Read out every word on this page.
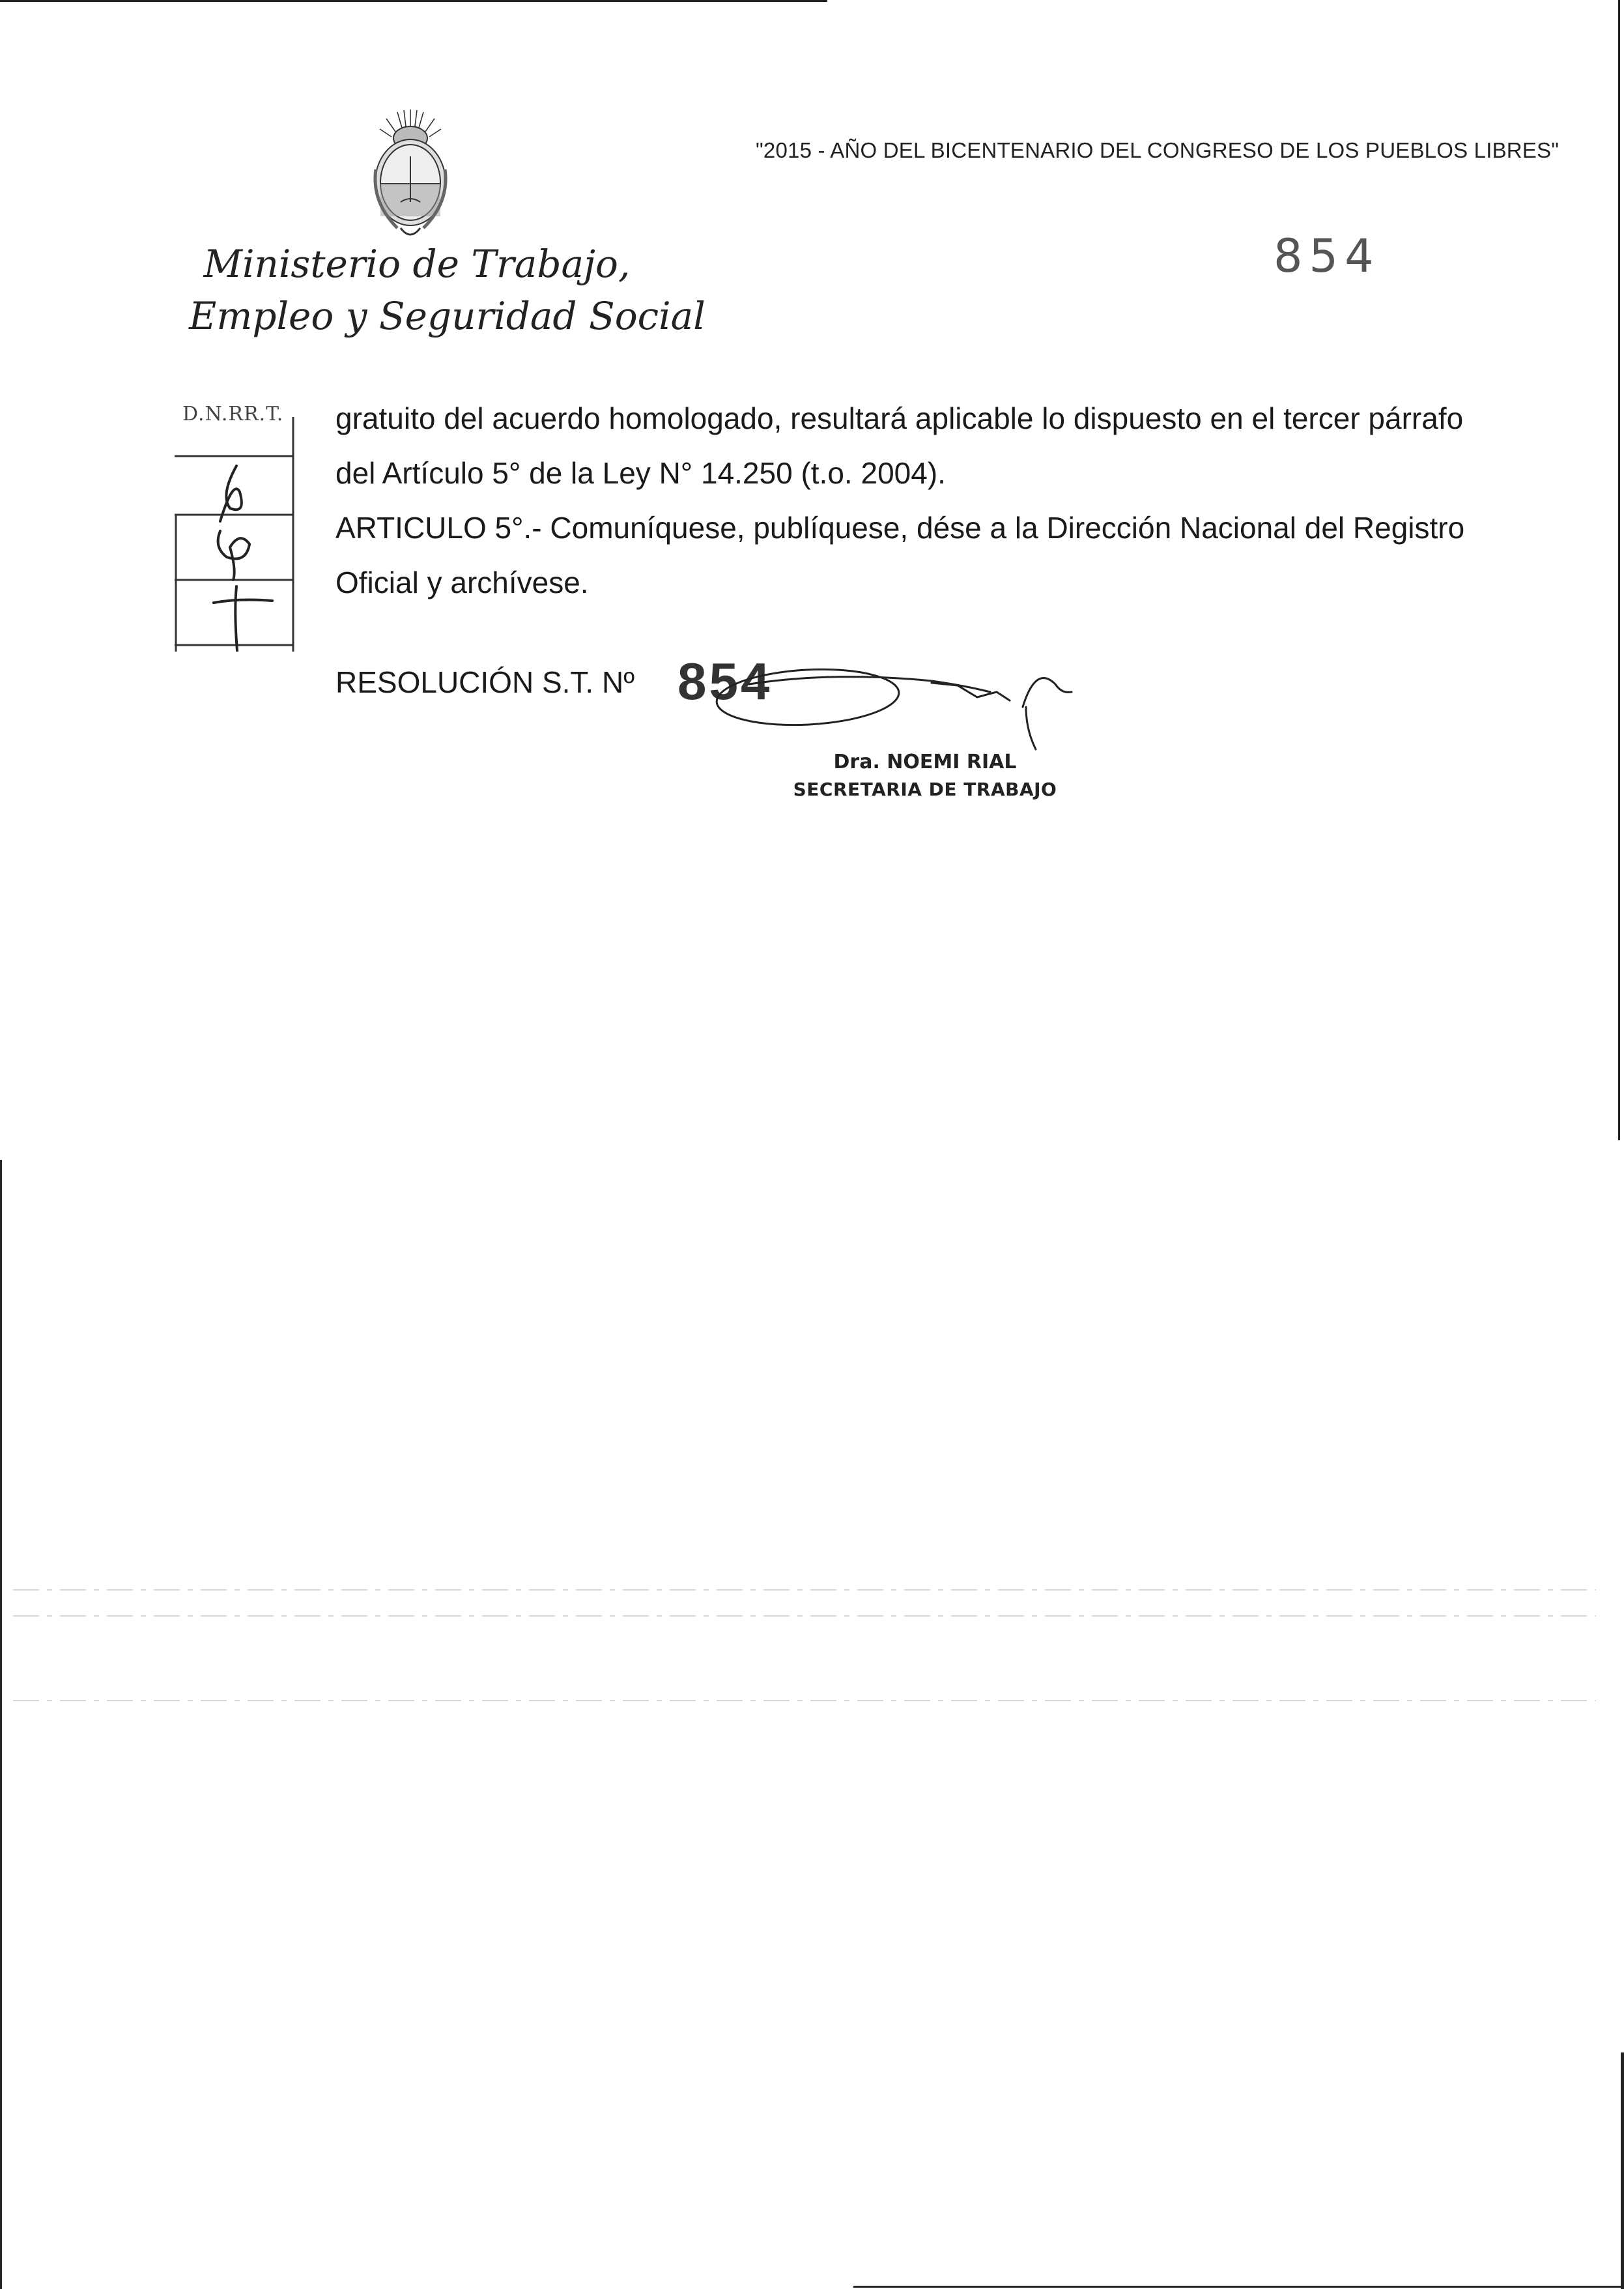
Ministerio de Trabajo,
Empleo y Seguridad Social
"2015 - AÑO DEL BICENTENARIO DEL CONGRESO DE LOS PUEBLOS LIBRES"
854
D.N.RR.T. gratuito del acuerdo homologado, resultará aplicable lo dispuesto en el tercer párrafo

del Artículo 5° de la Ley N° 14.250 (t.o. 2004).

ARTICULO 5°.- Comuníquese, publíquese, dése a la Dirección Nacional del Registro

Oficial y archívese.

RESOLUCIÓN S.T. Nº 854
Dra. NOEMI RIAL
SECRETARIA DE TRABAJO
